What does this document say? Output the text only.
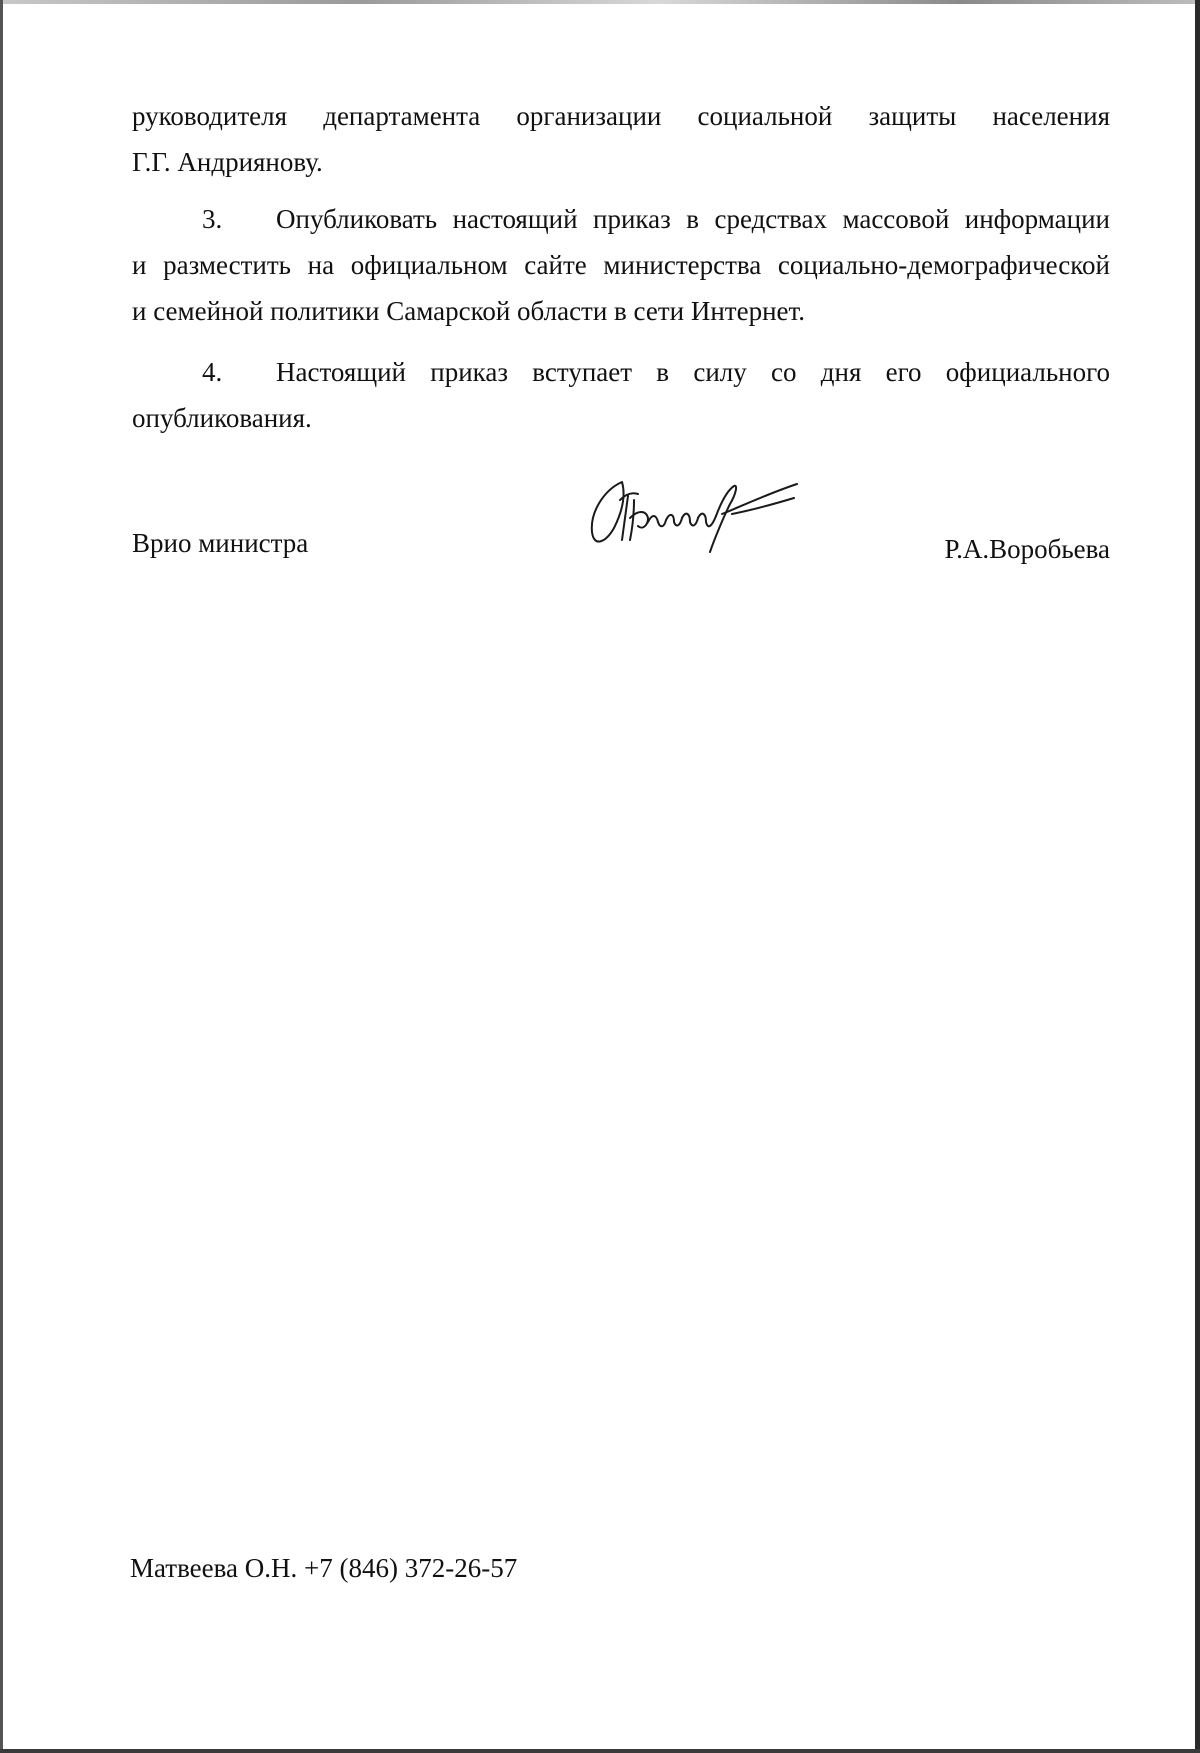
руководителя департамента организации социальной защиты населения
Г.Г. Андриянову.
3.	Опубликовать настоящий приказ в средствах массовой информации
и разместить на официальном сайте министерства социально-демографической
и семейной политики Самарской области в сети Интернет.
4.	Настоящий приказ вступает в силу со дня его официального
опубликования.
Врио министра	Р.А.Воробьева
Матвеева О.Н. +7 (846) 372-26-57
